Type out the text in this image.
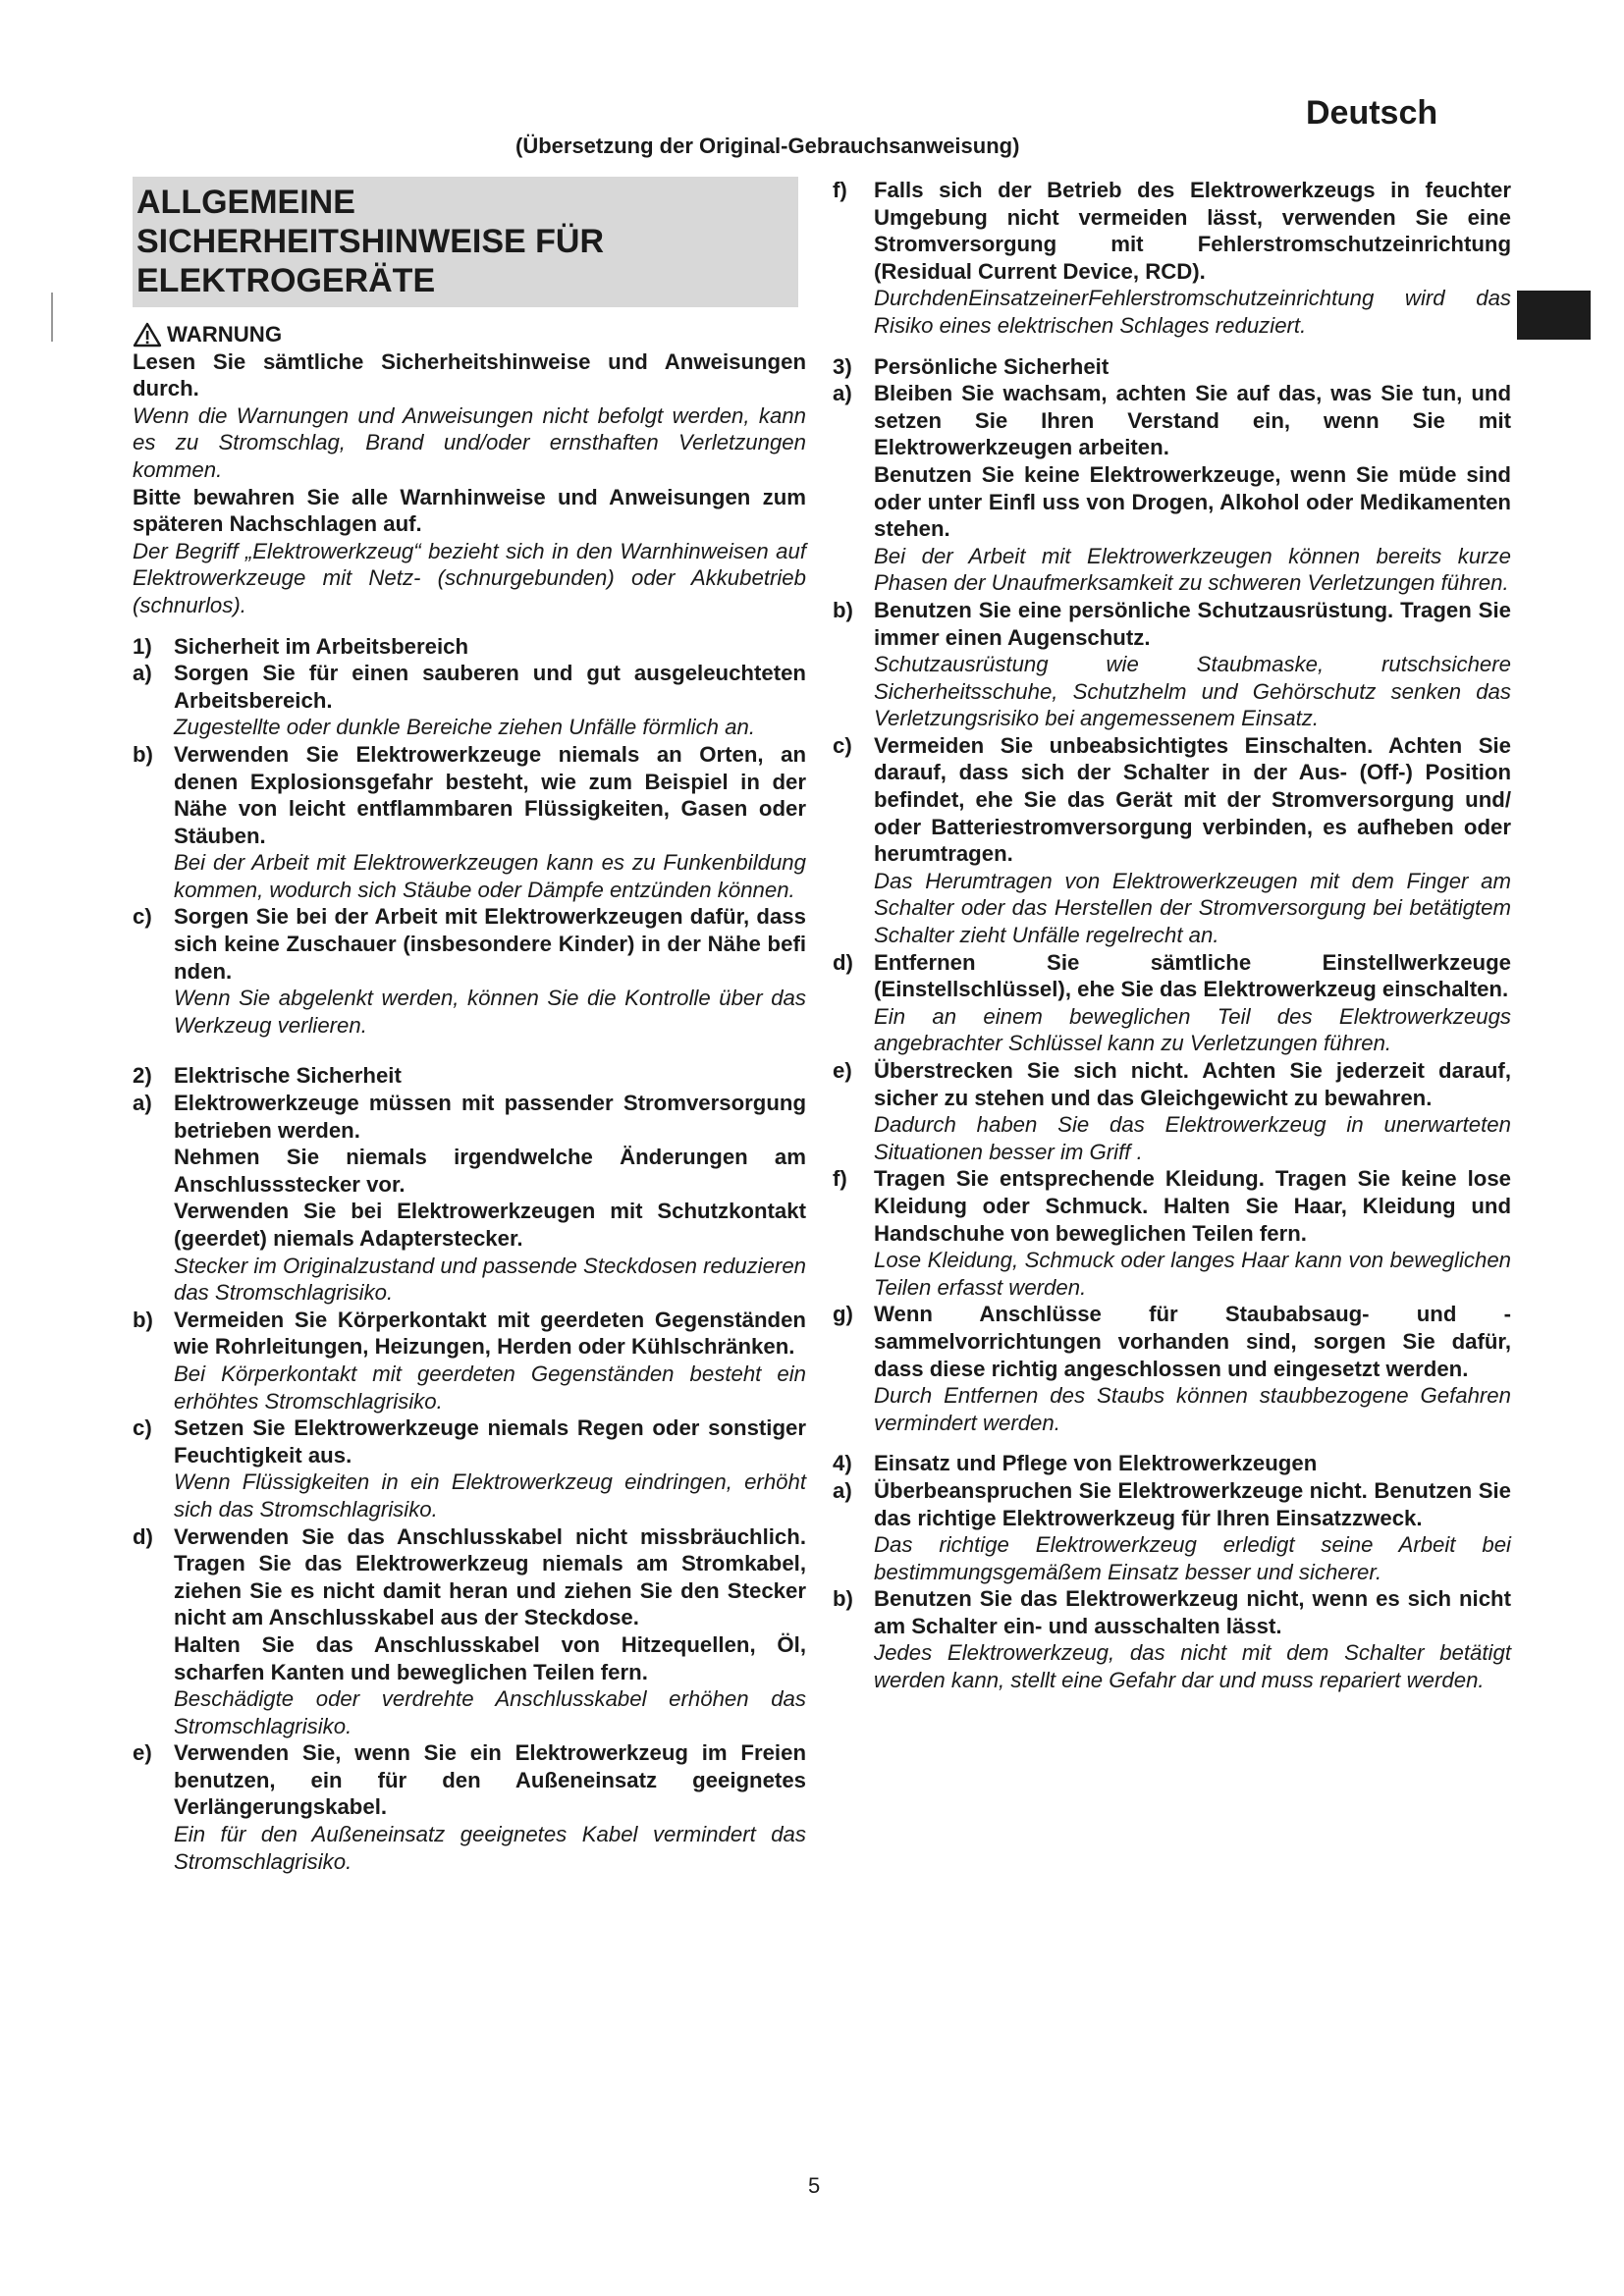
Deutsch
(Übersetzung der Original-Gebrauchsanweisung)
ALLGEMEINE
SICHERHEITSHINWEISE FÜR
ELEKTROGERÄTE
WARNUNG

Lesen Sie sämtliche Sicherheitshinweise und Anweisungen durch.

Wenn die Warnungen und Anweisungen nicht befolgt werden, kann es zu Stromschlag, Brand und/oder ernsthaften Verletzungen kommen.

Bitte bewahren Sie alle Warnhinweise und Anweisungen zum späteren Nachschlagen auf.

Der Begriff „Elektrowerkzeug“ bezieht sich in den Warnhinweisen auf Elektrowerkzeuge mit Netz- (schnurgebunden) oder Akkubetrieb (schnurlos).

1)	Sicherheit im Arbeitsbereich
a)	Sorgen Sie für einen sauberen und gut ausgeleuchteten Arbeitsbereich.

Zugestellte oder dunkle Bereiche ziehen Unfälle förmlich an.

b) Verwenden Sie Elektrowerkzeuge niemals an Orten, an denen Explosionsgefahr besteht, wie zum Beispiel in der Nähe von leicht entflammbaren Flüssigkeiten, Gasen oder Stäuben.

Bei der Arbeit mit Elektrowerkzeugen kann es zu Funkenbildung kommen, wodurch sich Stäube oder Dämpfe entzünden können.

c)	Sorgen Sie bei der Arbeit mit Elektrowerkzeugen dafür, dass sich keine Zuschauer (insbesondere Kinder) in der Nähe befi nden.

Wenn Sie abgelenkt werden, können Sie die Kontrolle über das Werkzeug verlieren.

2)	Elektrische Sicherheit
a)	Elektrowerkzeuge müssen mit passender Stromversorgung betrieben werden.

Nehmen Sie niemals irgendwelche Änderungen am Anschlussstecker vor.

Verwenden Sie bei Elektrowerkzeugen mit Schutzkontakt (geerdet) niemals Adapterstecker.

Stecker im Originalzustand und passende Steckdosen reduzieren das Stromschlagrisiko.

b) Vermeiden Sie Körperkontakt mit geerdeten Gegenständen wie Rohrleitungen, Heizungen, Herden oder Kühlschränken.

Bei Körperkontakt mit geerdeten Gegenständen besteht ein erhöhtes Stromschlagrisiko.

c)	Setzen Sie Elektrowerkzeuge niemals Regen oder sonstiger Feuchtigkeit aus.

Wenn Flüssigkeiten in ein Elektrowerkzeug eindringen, erhöht sich das Stromschlagrisiko.

d) Verwenden Sie das Anschlusskabel nicht missbräuchlich. Tragen Sie das Elektrowerkzeug niemals am Stromkabel, ziehen Sie es nicht damit heran und ziehen Sie den Stecker nicht am Anschlusskabel aus der Steckdose.

Halten Sie das Anschlusskabel von Hitzequellen, Öl, scharfen Kanten und beweglichen Teilen fern.

Beschädigte oder verdrehte Anschlusskabel erhöhen das Stromschlagrisiko.

e)	Verwenden Sie, wenn Sie ein Elektrowerkzeug im Freien benutzen, ein für den Außeneinsatz geeignetes Verlängerungskabel.

Ein für den Außeneinsatz geeignetes Kabel vermindert das Stromschlagrisiko.

f)	Falls sich der Betrieb des Elektrowerkzeugs in feuchter Umgebung nicht vermeiden lässt, verwenden Sie eine Stromversorgung mit Fehlerstromschutzeinrichtung (Residual Current Device, RCD).

DurchdenEinsatzeinerFehlerstromschutzeinrichtung wird das Risiko eines elektrischen Schlages reduziert.

3)	Persönliche Sicherheit
a)	Bleiben Sie wachsam, achten Sie auf das, was Sie tun, und setzen Sie Ihren Verstand ein, wenn Sie mit Elektrowerkzeugen arbeiten.

Benutzen Sie keine Elektrowerkzeuge, wenn Sie müde sind oder unter Einfl uss von Drogen, Alkohol oder Medikamenten stehen.

Bei der Arbeit mit Elektrowerkzeugen können bereits kurze Phasen der Unaufmerksamkeit zu schweren Verletzungen führen.

b) Benutzen Sie eine persönliche Schutzausrüstung. Tragen Sie immer einen Augenschutz.

Schutzausrüstung wie Staubmaske, rutschsichere Sicherheitsschuhe, Schutzhelm und Gehörschutz senken das Verletzungsrisiko bei angemessenem Einsatz.

c)	Vermeiden Sie unbeabsichtigtes Einschalten. Achten Sie darauf, dass sich der Schalter in der Aus- (Off-) Position befindet, ehe Sie das Gerät mit der Stromversorgung und/ oder Batteriestromversorgung verbinden, es aufheben oder herumtragen.

Das Herumtragen von Elektrowerkzeugen mit dem Finger am Schalter oder das Herstellen der Stromversorgung bei betätigtem Schalter zieht Unfälle regelrecht an.

d) Entfernen Sie sämtliche Einstellwerkzeuge (Einstellschlüssel), ehe Sie das Elektrowerkzeug einschalten.

Ein an einem beweglichen Teil des Elektrowerkzeugs angebrachter Schlüssel kann zu Verletzungen führen.

e)	Überstrecken Sie sich nicht. Achten Sie jederzeit darauf, sicher zu stehen und das Gleichgewicht zu bewahren.

Dadurch haben Sie das Elektrowerkzeug in unerwarteten Situationen besser im Griff .

f)	Tragen Sie entsprechende Kleidung. Tragen Sie keine lose Kleidung oder Schmuck. Halten Sie Haar, Kleidung und Handschuhe von beweglichen Teilen fern.

Lose Kleidung, Schmuck oder langes Haar kann von beweglichen Teilen erfasst werden.

g) Wenn Anschlüsse für Staubabsaug- und -sammelvorrichtungen vorhanden sind, sorgen Sie dafür, dass diese richtig angeschlossen und eingesetzt werden.

Durch Entfernen des Staubs können staubbezogene Gefahren vermindert werden.

4)	Einsatz und Pflege von Elektrowerkzeugen
a)	Überbeanspruchen Sie Elektrowerkzeuge nicht. Benutzen Sie das richtige Elektrowerkzeug für Ihren Einsatzzweck.

Das richtige Elektrowerkzeug erledigt seine Arbeit bei bestimmungsgemäßem Einsatz besser und sicherer.

b) Benutzen Sie das Elektrowerkzeug nicht, wenn es sich nicht am Schalter ein- und ausschalten lässt.

Jedes Elektrowerkzeug, das nicht mit dem Schalter betätigt werden kann, stellt eine Gefahr dar und muss repariert werden.

5
